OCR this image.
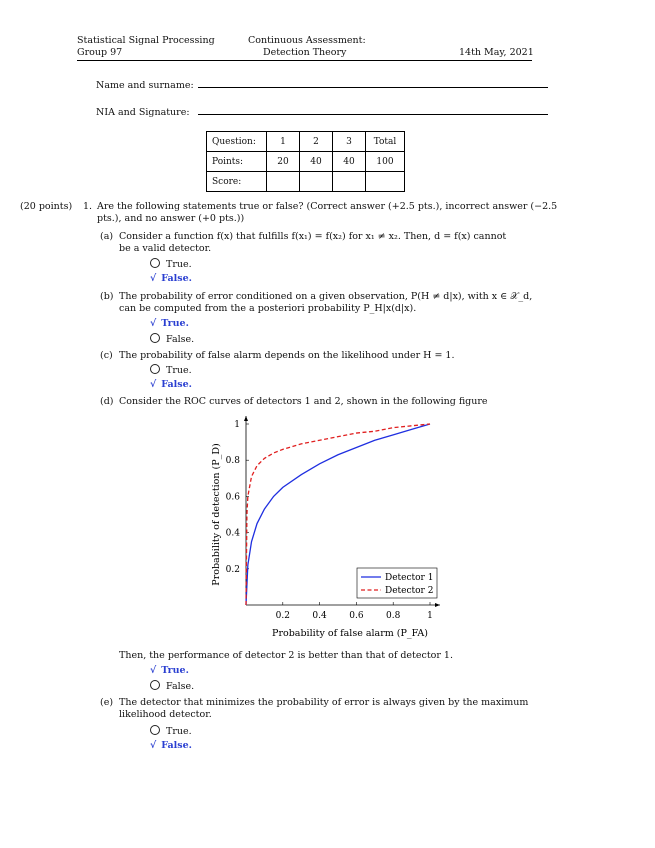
Statistical Signal Processing
Group 97
Continuous Assessment:
Detection Theory	14th May, 2021
Name and surname:
NIA and Signature:
Question:	1	2	3	Total
Points:	20	40	40	100
Score:				
(20 points) 1. Are the following statements true or false? (Correct answer (+2.5 pts.), incorrect answer (−2.5
pts.), and no answer (+0 pts.))
(a) Consider a function f(x) that fulfills f(x₁) = f(x₂) for x₁ ≠ x₂. Then, d = f(x) cannot
be a valid detector.
True.
√ False.
(b) The probability of error conditioned on a given observation, P(H ≠ d|x), with x ∈ 𝒳_d,
can be computed from the a posteriori probability P_H|x(d|x).
√ True.
False.
(c) The probability of false alarm depends on the likelihood under H = 1.
True.
√ False.
(d) Consider the ROC curves of detectors 1 and 2, shown in the following figure
0.2 0.4 0.6 0.8	1
0.2
0.4
0.6
0.8
1
Detector 1
Detector 2
Probability of false alarm (P_FA)
Probability of detection (P_D)
Then, the performance of detector 2 is better than that of detector 1.
√ True.
False.
(e) The detector that minimizes the probability of error is always given by the maximum
likelihood detector.
True.
√ False.
